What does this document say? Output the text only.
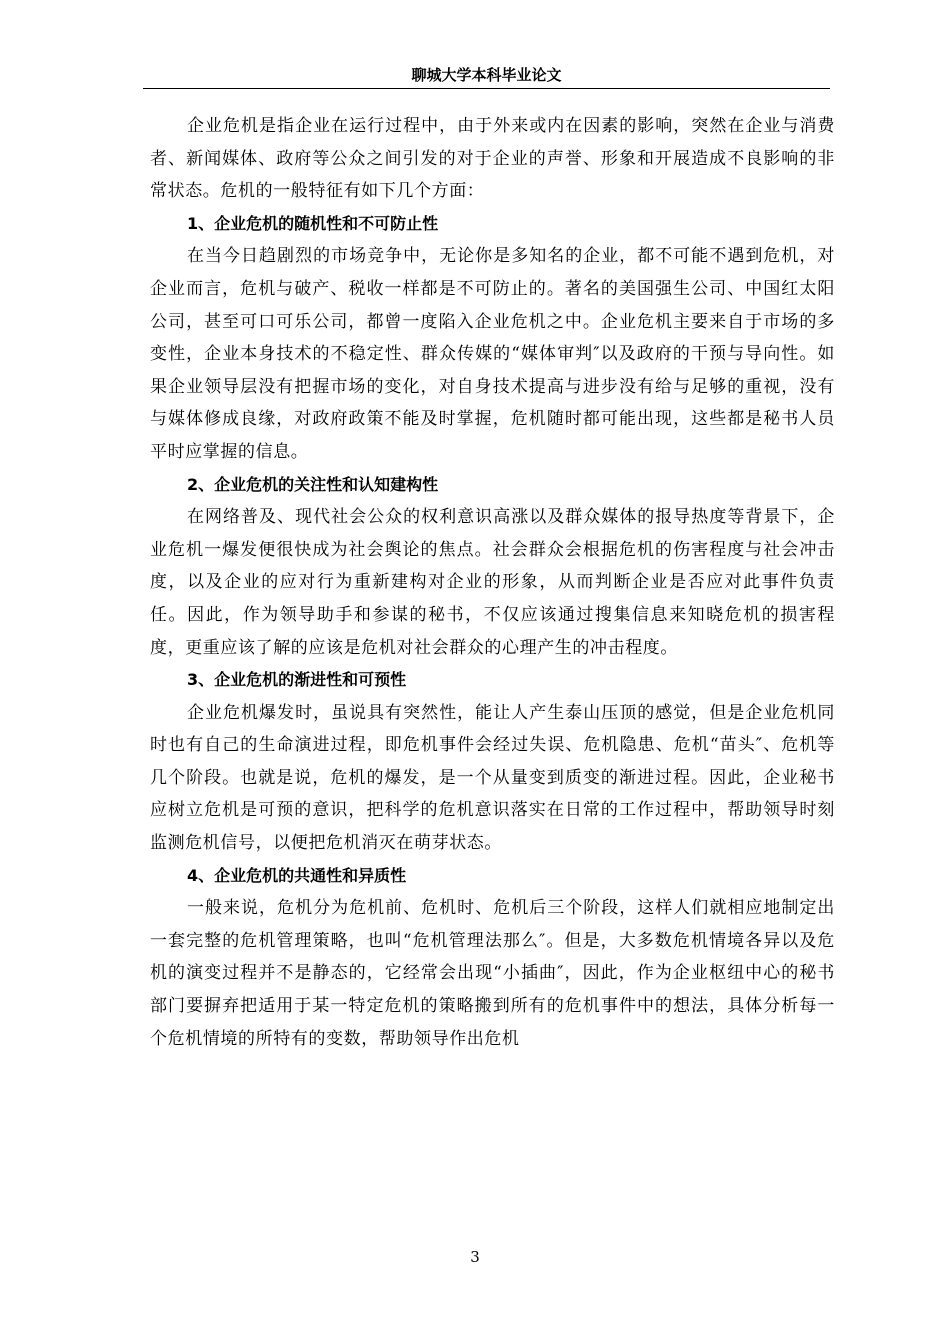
聊城大学本科毕业论文

企业危机是指企业在运行过程中，由于外来或内在因素的影响，突然在企业与消费者、新闻媒体、政府等公众之间引发的对于企业的声誉、形象和开展造成不良影响的非常状态。危机的一般特征有如下几个方面：

1、企业危机的随机性和不可防止性

在当今日趋剧烈的市场竞争中，无论你是多知名的企业，都不可能不遇到危机，对企业而言，危机与破产、税收一样都是不可防止的。著名的美国强生公司、中国红太阳公司，甚至可口可乐公司，都曾一度陷入企业危机之中。企业危机主要来自于市场的多变性，企业本身技术的不稳定性、群众传媒的“媒体审判″以及政府的干预与导向性。如果企业领导层没有把握市场的变化，对自身技术提高与进步没有给与足够的重视，没有与媒体修成良缘，对政府政策不能及时掌握，危机随时都可能出现，这些都是秘书人员平时应掌握的信息。

2、企业危机的关注性和认知建构性

在网络普及、现代社会公众的权利意识高涨以及群众媒体的报导热度等背景下，企业危机一爆发便很快成为社会舆论的焦点。社会群众会根据危机的伤害程度与社会冲击度，以及企业的应对行为重新建构对企业的形象，从而判断企业是否应对此事件负责任。因此，作为领导助手和参谋的秘书，不仅应该通过搜集信息来知晓危机的损害程度，更重应该了解的应该是危机对社会群众的心理产生的冲击程度。

3、企业危机的渐进性和可预性

企业危机爆发时，虽说具有突然性，能让人产生泰山压顶的感觉，但是企业危机同时也有自己的生命演进过程，即危机事件会经过失误、危机隐患、危机“苗头″、危机等几个阶段。也就是说，危机的爆发，是一个从量变到质变的渐进过程。因此，企业秘书应树立危机是可预的意识，把科学的危机意识落实在日常的工作过程中，帮助领导时刻监测危机信号，以便把危机消灭在萌芽状态。

4、企业危机的共通性和异质性

一般来说，危机分为危机前、危机时、危机后三个阶段，这样人们就相应地制定出一套完整的危机管理策略，也叫“危机管理法那么″。但是，大多数危机情境各异以及危机的演变过程并不是静态的，它经常会出现“小插曲″，因此，作为企业枢纽中心的秘书部门要摒弃把适用于某一特定危机的策略搬到所有的危机事件中的想法，具体分析每一个危机情境的所特有的变数，帮助领导作出危机

3
